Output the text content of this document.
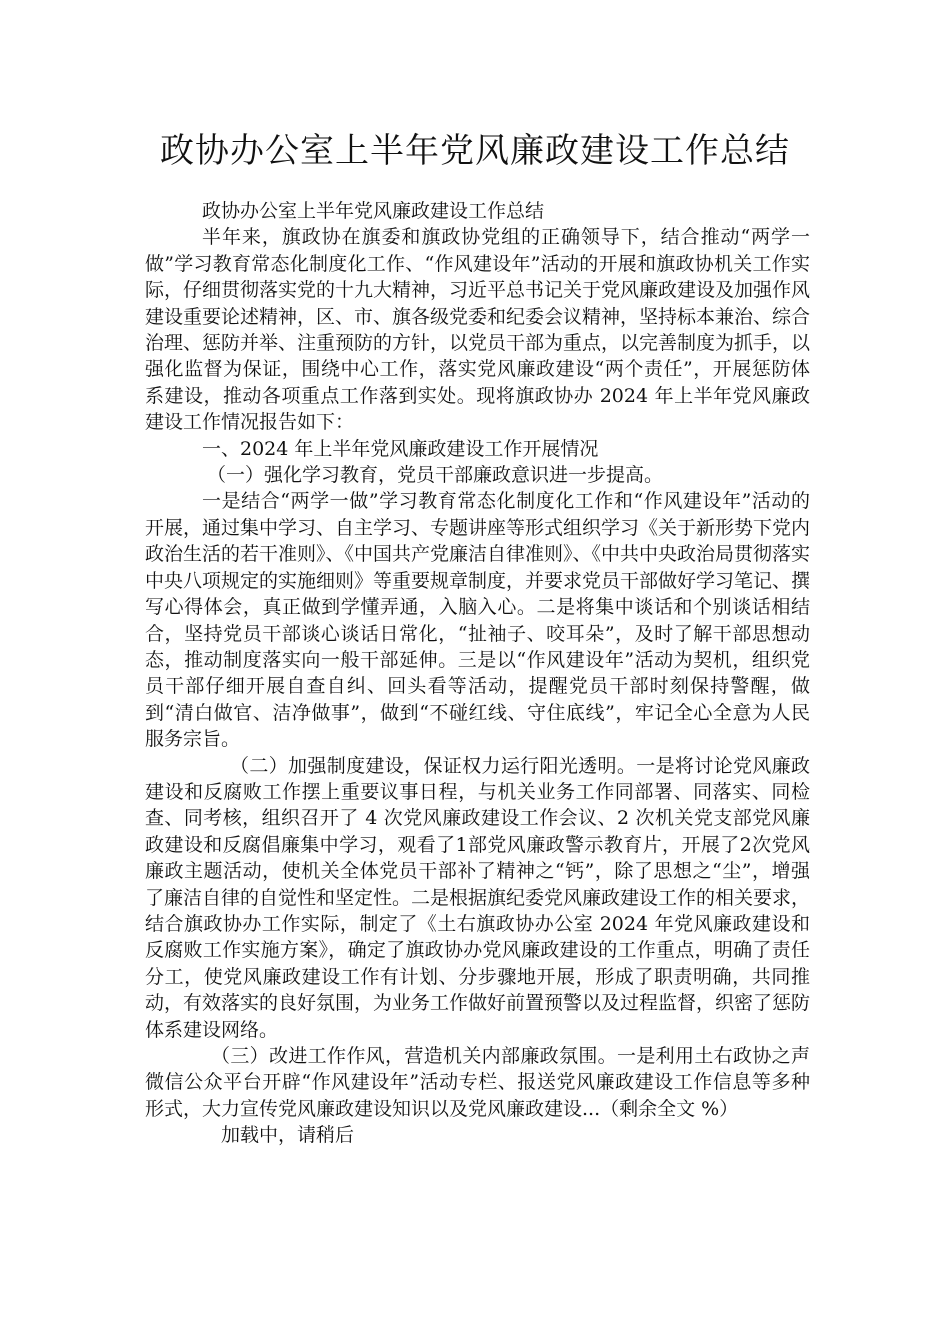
政协办公室上半年党风廉政建设工作总结

政协办公室上半年党风廉政建设工作总结

半年来，旗政协在旗委和旗政协党组的正确领导下，结合推动“两学一做”学习教育常态化制度化工作、“作风建设年”活动的开展和旗政协机关工作实际，仔细贯彻落实党的十九大精神，习近平总书记关于党风廉政建设及加强作风建设重要论述精神，区、市、旗各级党委和纪委会议精神，坚持标本兼治、综合治理、惩防并举、注重预防的方针，以党员干部为重点，以完善制度为抓手，以强化监督为保证，围绕中心工作，落实党风廉政建设“两个责任”，开展惩防体系建设，推动各项重点工作落到实处。现将旗政协办 2024 年上半年党风廉政建设工作情况报告如下：

一、2024 年上半年党风廉政建设工作开展情况

（一）强化学习教育，党员干部廉政意识进一步提高。

一是结合“两学一做”学习教育常态化制度化工作和“作风建设年”活动的开展，通过集中学习、自主学习、专题讲座等形式组织学习《关于新形势下党内政治生活的若干准则》、《中国共产党廉洁自律准则》、《中共中央政治局贯彻落实中央八项规定的实施细则》等重要规章制度，并要求党员干部做好学习笔记、撰写心得体会，真正做到学懂弄通，入脑入心。二是将集中谈话和个别谈话相结合，坚持党员干部谈心谈话日常化，“扯袖子、咬耳朵”，及时了解干部思想动态，推动制度落实向一般干部延伸。三是以“作风建设年”活动为契机，组织党员干部仔细开展自查自纠、回头看等活动，提醒党员干部时刻保持警醒，做到“清白做官、洁净做事”，做到“不碰红线、守住底线”，牢记全心全意为人民服务宗旨。

（二）加强制度建设，保证权力运行阳光透明。一是将讨论党风廉政建设和反腐败工作摆上重要议事日程，与机关业务工作同部署、同落实、同检查、同考核，组织召开了 4 次党风廉政建设工作会议、2 次机关党支部党风廉政建设和反腐倡廉集中学习，观看了1部党风廉政警示教育片，开展了2次党风廉政主题活动，使机关全体党员干部补了精神之“钙”，除了思想之“尘”，增强了廉洁自律的自觉性和坚定性。二是根据旗纪委党风廉政建设工作的相关要求，结合旗政协办工作实际，制定了《土右旗政协办公室 2024 年党风廉政建设和反腐败工作实施方案》，确定了旗政协办党风廉政建设的工作重点，明确了责任分工，使党风廉政建设工作有计划、分步骤地开展，形成了职责明确，共同推动，有效落实的良好氛围，为业务工作做好前置预警以及过程监督，织密了惩防体系建设网络。

（三）改进工作作风，营造机关内部廉政氛围。一是利用土右政协之声微信公众平台开辟“作风建设年”活动专栏、报送党风廉政建设工作信息等多种形式，大力宣传党风廉政建设知识以及党风廉政建设...（剩余全文 %）

加载中，请稍后
